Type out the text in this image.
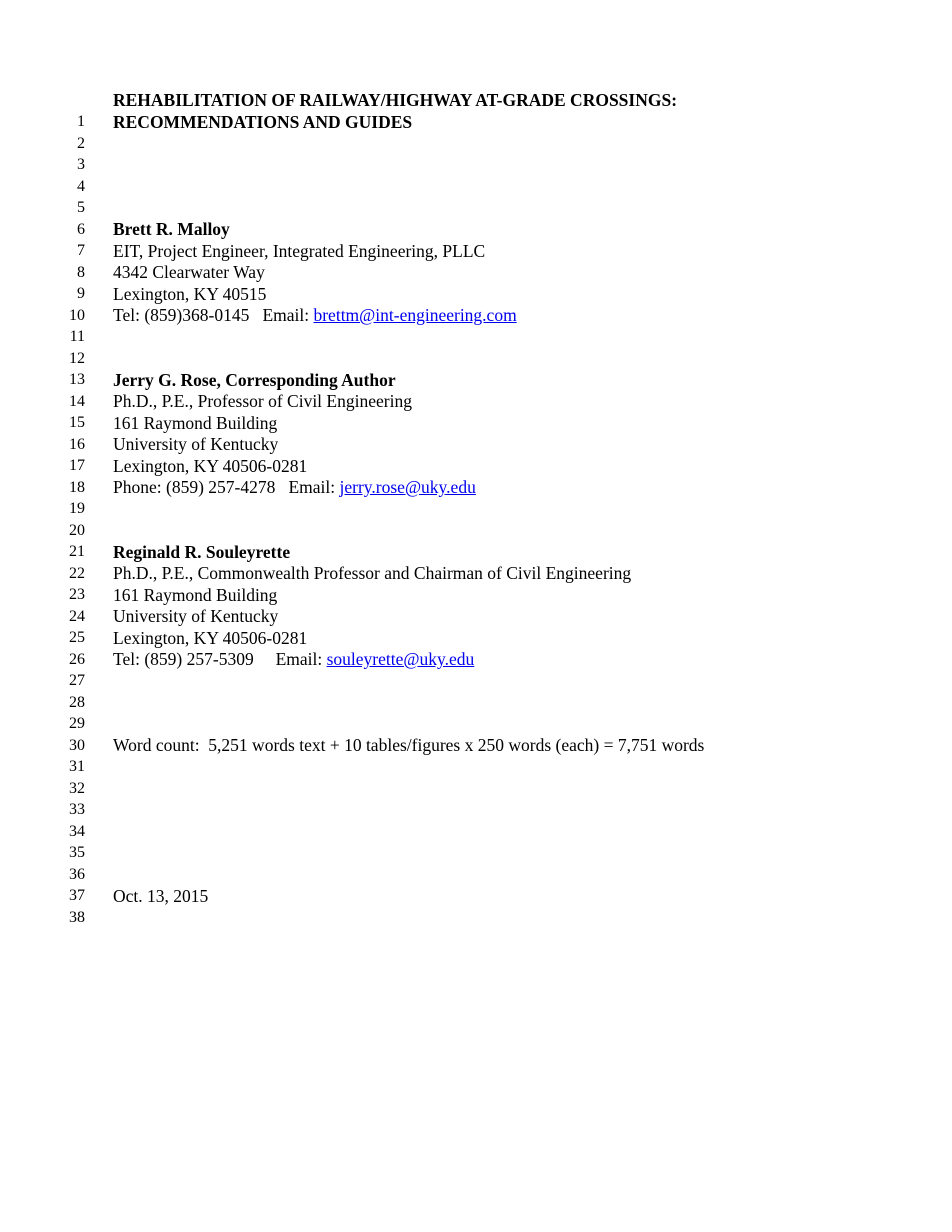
1

REHABILITATION OF RAILWAY/HIGHWAY AT-GRADE CROSSINGS:

2

RECOMMENDATIONS AND GUIDES

3

4

5

6

7

Brett R. Malloy

8

EIT, Project Engineer, Integrated Engineering, PLLC

9

4342 Clearwater Way

10

Lexington, KY 40515

11

Tel: (859)368-0145   Email: brettm@int-engineering.com

12

13

14

Jerry G. Rose, Corresponding Author

15

Ph.D., P.E., Professor of Civil Engineering

16

161 Raymond Building

17

University of Kentucky

18

Lexington, KY 40506-0281

19

Phone: (859) 257-4278   Email: jerry.rose@uky.edu

20

21

22

Reginald R. Souleyrette

23

Ph.D., P.E., Commonwealth Professor and Chairman of Civil Engineering

24

161 Raymond Building

25

University of Kentucky

26

Lexington, KY 40506-0281

27

Tel: (859) 257-5309     Email: souleyrette@uky.edu

28

29

30

31

Word count:  5,251 words text + 10 tables/figures x 250 words (each) = 7,751 words

32

33

34

35

36

37

38

Oct. 13, 2015
